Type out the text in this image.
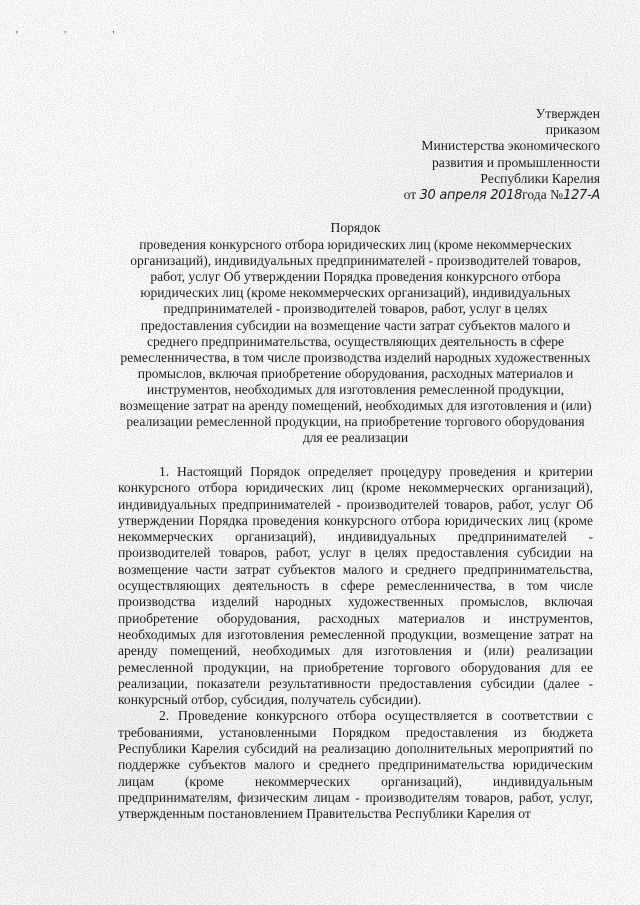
' ' '
Утвержден
приказом
Министерства экономического
развития и промышленности
Республики Карелия
от 30 апреля 2018года №127-А
Порядок
проведения конкурсного отбора юридических лиц (кроме некоммерческих организаций), индивидуальных предпринимателей - производителей товаров, работ, услуг Об утверждении Порядка проведения конкурсного отбора юридических лиц (кроме некоммерческих организаций), индивидуальных предпринимателей - производителей товаров, работ, услуг в целях предоставления субсидии на возмещение части затрат субъектов малого и среднего предпринимательства, осуществляющих деятельность в сфере ремесленничества, в том числе производства изделий народных художественных промыслов, включая приобретение оборудования, расходных материалов и инструментов, необходимых для изготовления ремесленной продукции, возмещение затрат на аренду помещений, необходимых для изготовления и (или) реализации ремесленной продукции, на приобретение торгового оборудования для ее реализации

1. Настоящий Порядок определяет процедуру проведения и критерии конкурсного отбора юридических лиц (кроме некоммерческих организаций), индивидуальных предпринимателей - производителей товаров, работ, услуг Об утверждении Порядка проведения конкурсного отбора юридических лиц (кроме некоммерческих организаций), индивидуальных предпринимателей - производителей товаров, работ, услуг в целях предоставления субсидии на возмещение части затрат субъектов малого и среднего предпринимательства, осуществляющих деятельность в сфере ремесленничества, в том числе производства изделий народных художественных промыслов, включая приобретение оборудования, расходных материалов и инструментов, необходимых для изготовления ремесленной продукции, возмещение затрат на аренду помещений, необходимых для изготовления и (или) реализации ремесленной продукции, на приобретение торгового оборудования для ее реализации, показатели результативности предоставления субсидии (далее - конкурсный отбор, субсидия, получатель субсидии).

2. Проведение конкурсного отбора осуществляется в соответствии с требованиями, установленными Порядком предоставления из бюджета Республики Карелия субсидий на реализацию дополнительных мероприятий по поддержке субъектов малого и среднего предпринимательства юридическим лицам (кроме некоммерческих организаций), индивидуальным предпринимателям, физическим лицам - производителям товаров, работ, услуг, утвержденным постановлением Правительства Республики Карелия от
